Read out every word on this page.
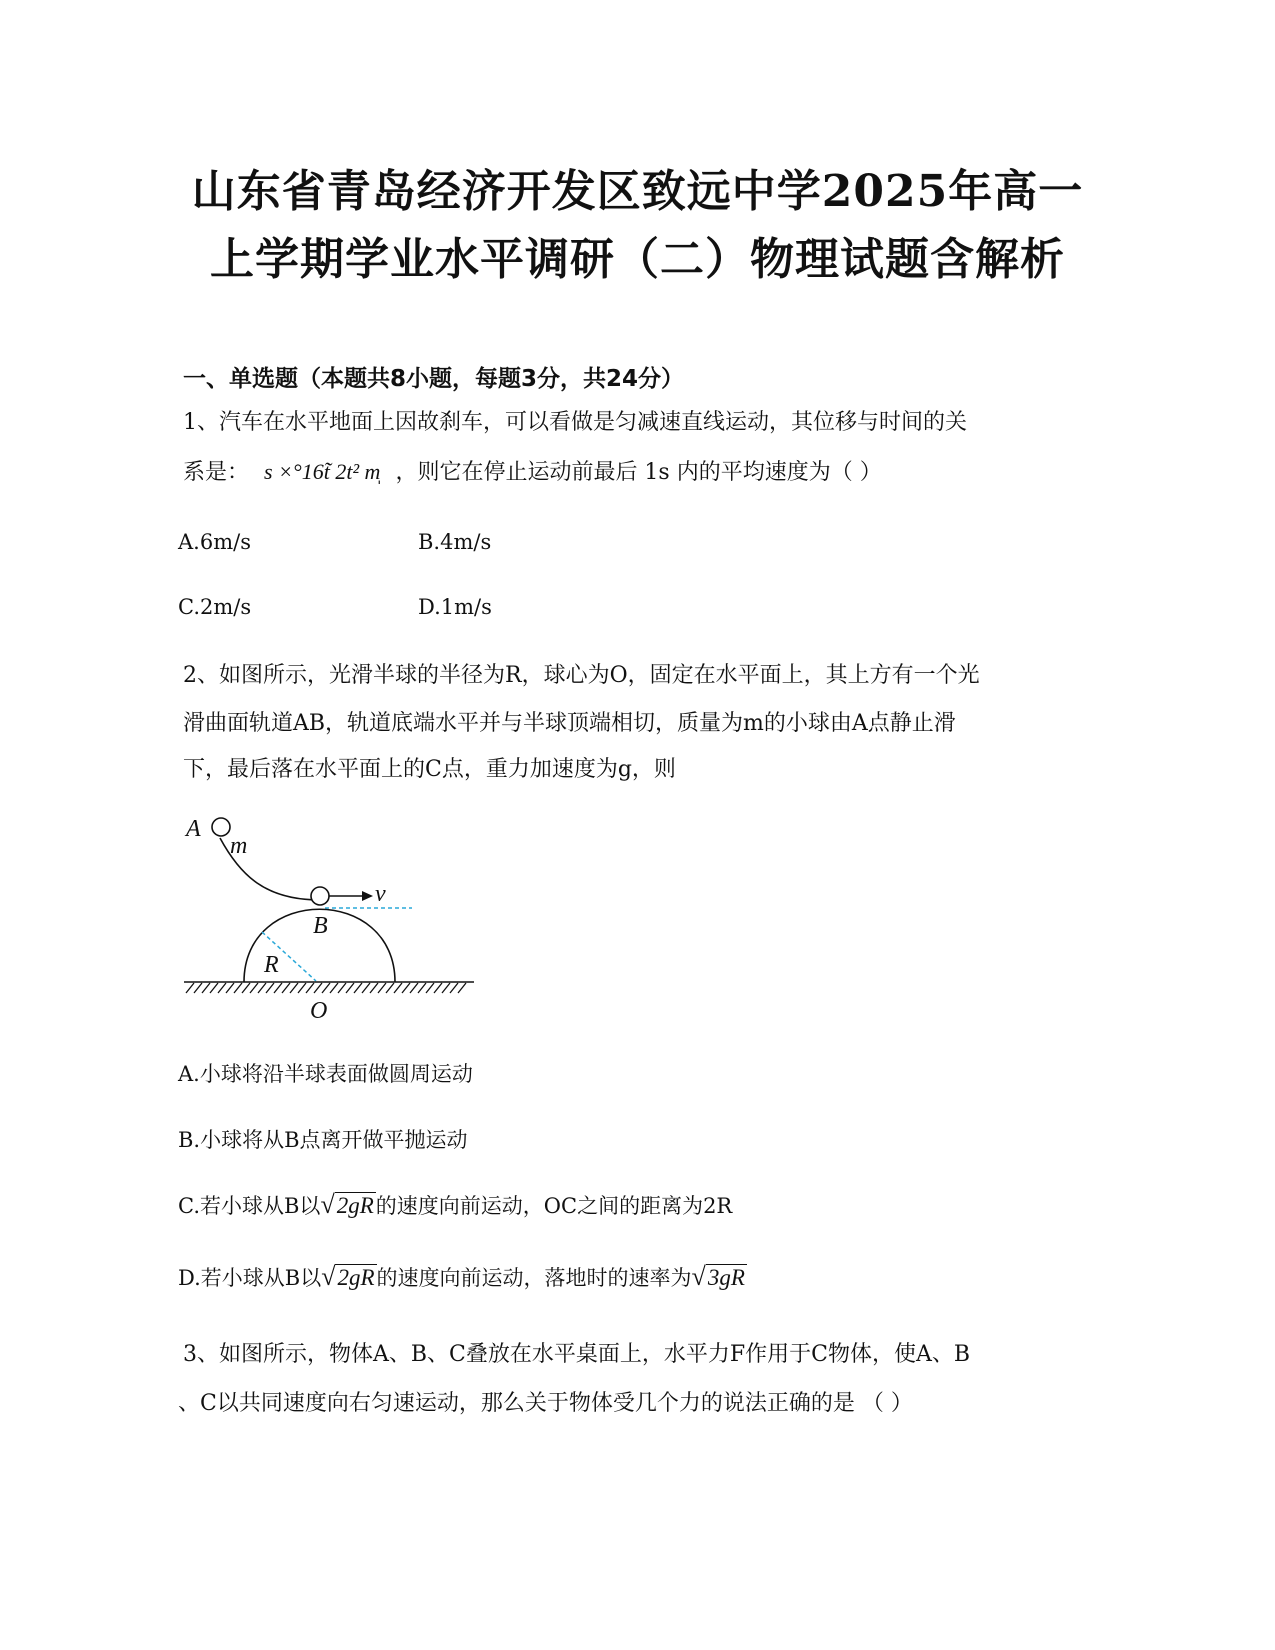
山东省青岛经济开发区致远中学2025年高一
上学期学业水平调研（二）物理试题含解析
一、单选题（本题共8小题，每题3分，共24分）
1、汽车在水平地面上因故刹车，可以看做是匀减速直线运动，其位移与时间的关
系是： s ×°16t̃ 2t² m̩ ，则它在停止运动前最后 1s 内的平均速度为（ ）
A.6m/s	B.4m/s
C.2m/s	D.1m/s
2、如图所示，光滑半球的半径为R，球心为O，固定在水平面上，其上方有一个光
滑曲面轨道AB，轨道底端水平并与半球顶端相切，质量为m的小球由A点静止滑
下，最后落在水平面上的C点，重力加速度为g，则
A
m
v
B
R
O
A.小球将沿半球表面做圆周运动
B.小球将从B点离开做平抛运动
C.若小球从B以√2gR的速度向前运动，OC之间的距离为2R
D.若小球从B以√2gR的速度向前运动，落地时的速率为√3gR
3、如图所示，物体A、B、C叠放在水平桌面上，水平力F作用于C物体，使A、B
、C以共同速度向右匀速运动，那么关于物体受几个力的说法正确的是 （ ）
